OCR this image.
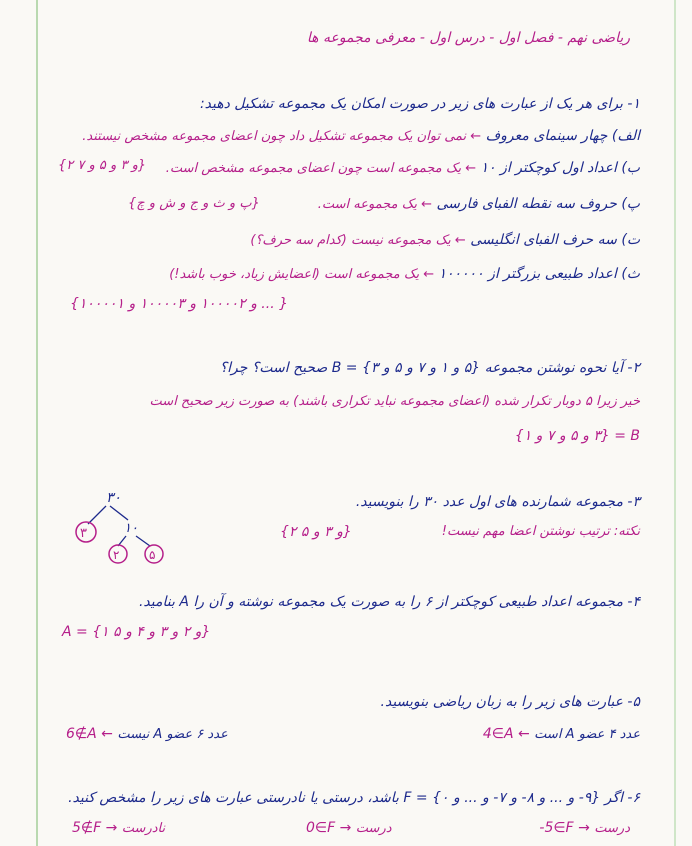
ریاضی نهم - فصل اول - درس اول - معرفی مجموعه ها
۱- برای هر یک از عبارت های زیر در صورت امکان یک مجموعه تشکیل دهید:
الف) چهار سینمای معروف ← نمی توان یک مجموعه تشکیل داد چون اعضای مجموعه مشخص نیستند.
ب) اعداد اول کوچکتر از ۱۰ ← یک مجموعه است چون اعضای مجموعه مشخص است.
{۲ و ۳ و ۵ و ۷}
پ) حروف سه نقطه الفبای فارسی ← یک مجموعه است.
{پ و ث و ج و ش و چ}
ت) سه حرف الفبای انگلیسی ← یک مجموعه نیست (کدام سه حرف؟)
ث) اعداد طبیعی بزرگتر از ۱۰۰۰۰۰ ← یک مجموعه است (اعضایش زیاد، خوب باشد!)
{۱۰۰۰۰۱ و ۱۰۰۰۰۲ و ۱۰۰۰۰۳ و ... }
۲- آیا نحوه نوشتن مجموعه {۵ و ۱ و ۷ و ۵ و ۳} = B صحیح است؟ چرا؟
خیر زیرا ۵ دوبار تکرار شده (اعضای مجموعه نباید تکراری باشند) به صورت زیر صحیح است
B = {۳ و ۵ و ۷ و ۱}
۳- مجموعه شمارنده های اول عدد ۳۰ را بنویسید.
{۲ و ۳ و ۵}	نکته: ترتیب نوشتن اعضا مهم نیست!
۳۰
۳	۱۰
۲ ۵
۴- مجموعه اعداد طبیعی کوچکتر از ۶ را به صورت یک مجموعه نوشته و آن را A بنامید.
A = {۱ و ۲ و ۳ و ۴ و ۵}
۵- عبارت های زیر را به زبان ریاضی بنویسید.
عدد ۴ عضو A است ← 4∈A
عدد ۶ عضو A نیست ← 6∉A
۶- اگر {۹- و ... و ۸- و ۷- و ... و ۰} = F باشد، درستی یا نادرستی عبارت های زیر را مشخص کنید.
-5∈F → درست
0∈F → درست
5∉F → نادرست
